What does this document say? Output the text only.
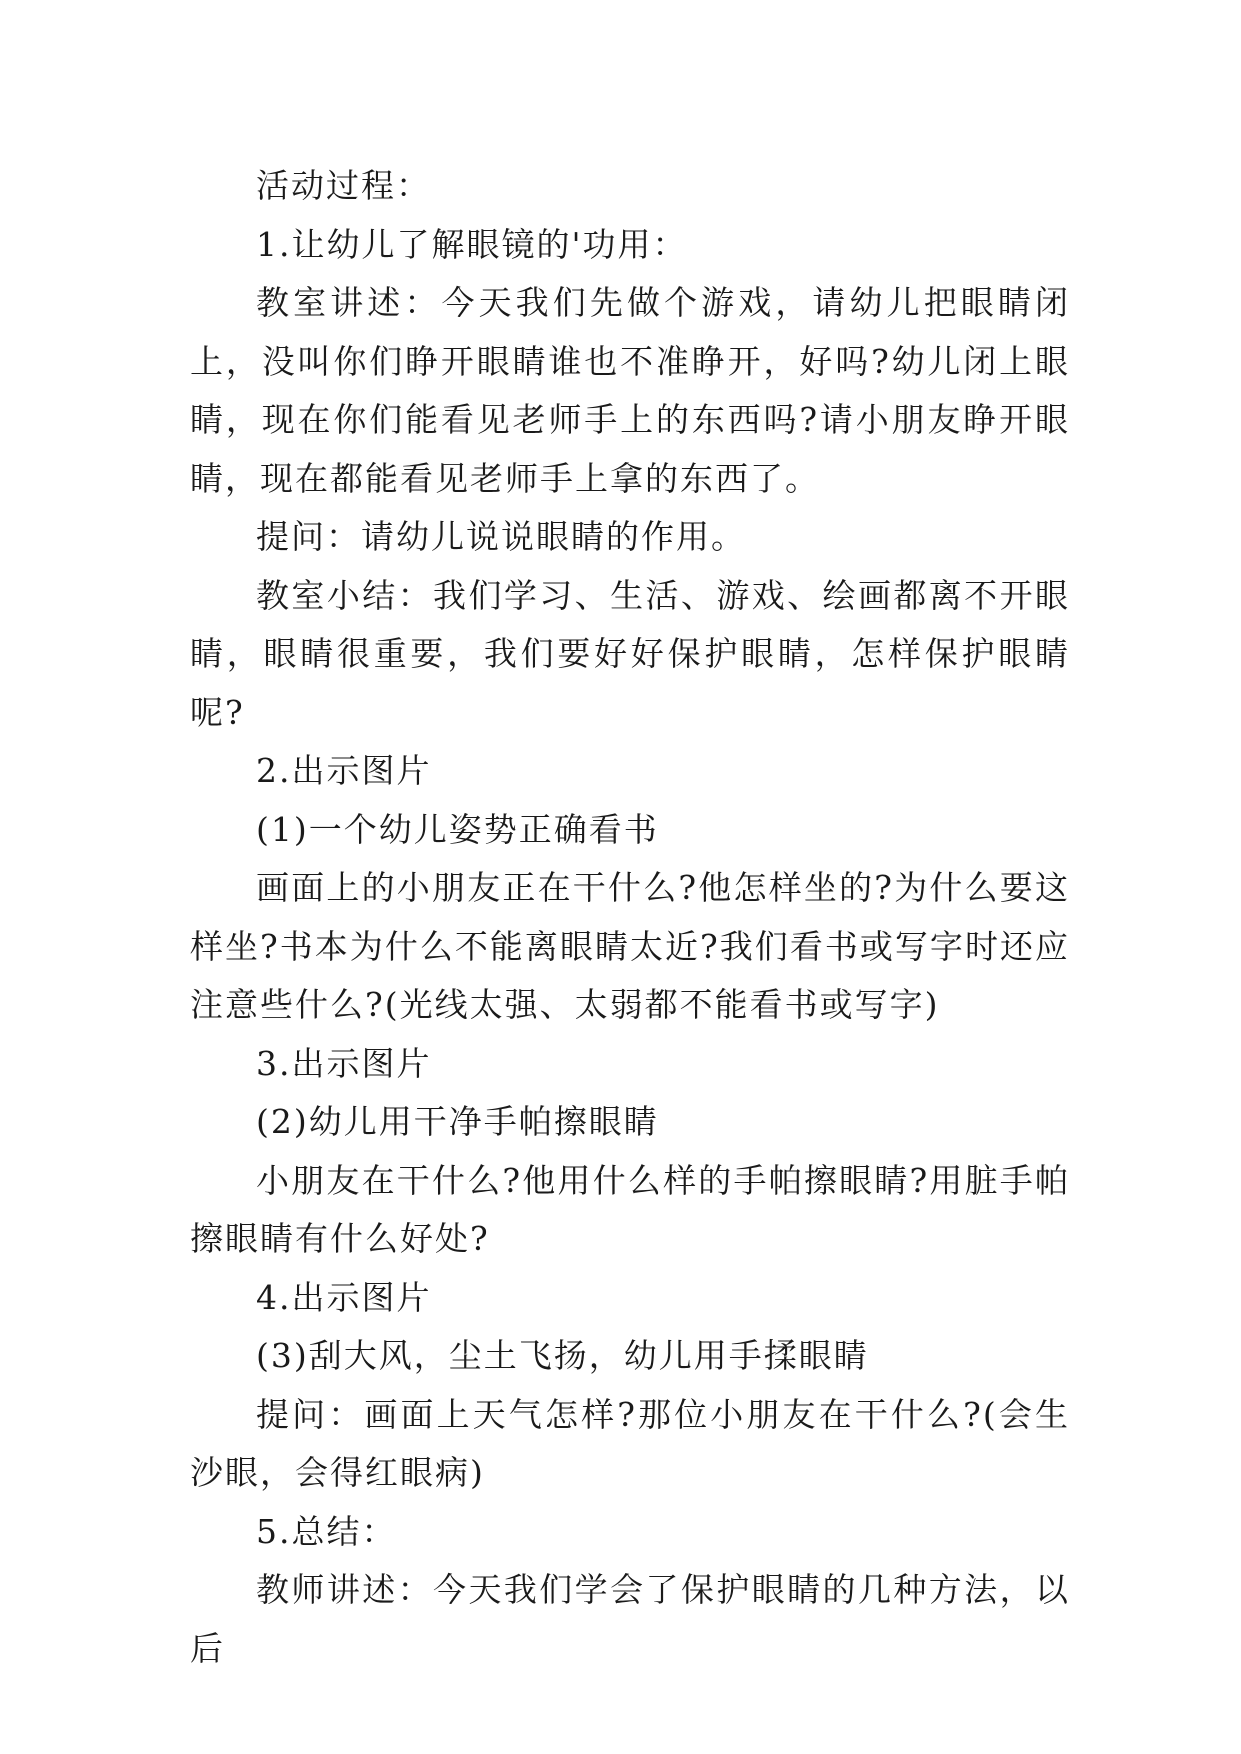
活动过程：

1.让幼儿了解眼镜的'功用：

教室讲述：今天我们先做个游戏，请幼儿把眼睛闭上，没叫你们睁开眼睛谁也不准睁开，好吗?幼儿闭上眼睛，现在你们能看见老师手上的东西吗?请小朋友睁开眼睛，现在都能看见老师手上拿的东西了。

提问：请幼儿说说眼睛的作用。

教室小结：我们学习、生活、游戏、绘画都离不开眼睛，眼睛很重要，我们要好好保护眼睛，怎样保护眼睛呢?

2.出示图片

(1)一个幼儿姿势正确看书

画面上的小朋友正在干什么?他怎样坐的?为什么要这样坐?书本为什么不能离眼睛太近?我们看书或写字时还应注意些什么?(光线太强、太弱都不能看书或写字)

3.出示图片

(2)幼儿用干净手帕擦眼睛

小朋友在干什么?他用什么样的手帕擦眼睛?用脏手帕擦眼睛有什么好处?

4.出示图片

(3)刮大风，尘土飞扬，幼儿用手揉眼睛

提问：画面上天气怎样?那位小朋友在干什么?(会生沙眼，会得红眼病)

5.总结：

教师讲述：今天我们学会了保护眼睛的几种方法，以后
